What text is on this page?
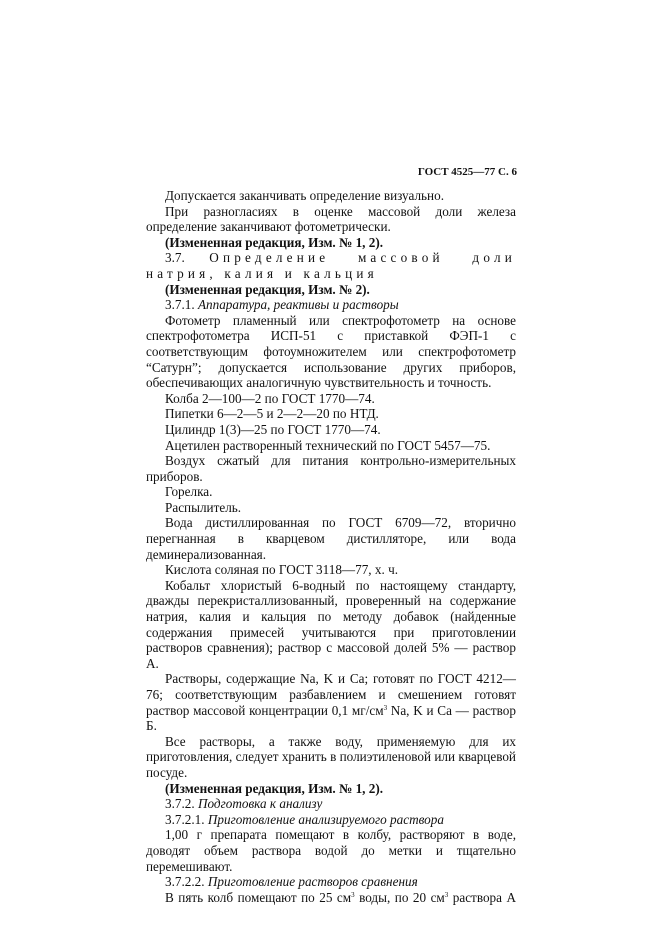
ГОСТ 4525—77 С. 6

Допускается заканчивать определение визуально.

При разногласиях в оценке массовой доли железа определение заканчивают фотометрически.

(Измененная редакция, Изм. № 1, 2).

3.7. Определение массовой доли натрия, калия и кальция

(Измененная редакция, Изм. № 2).

3.7.1. Аппаратура, реактивы и растворы

Фотометр пламенный или спектрофотометр на основе спектрофотометра ИСП-51 с приставкой ФЭП-1 с соответствующим фотоумножителем или спектрофотометр “Сатурн”; допускается использование других приборов, обеспечивающих аналогичную чувствительность и точность.

Колба 2—100—2 по ГОСТ 1770—74.

Пипетки 6—2—5 и 2—2—20 по НТД.

Цилиндр 1(3)—25 по ГОСТ 1770—74.

Ацетилен растворенный технический по ГОСТ 5457—75.

Воздух сжатый для питания контрольно-измерительных приборов.

Горелка.

Распылитель.

Вода дистиллированная по ГОСТ 6709—72, вторично перегнанная в кварцевом дистилляторе, или вода деминерализованная.

Кислота соляная по ГОСТ 3118—77, х. ч.

Кобальт хлористый 6-водный по настоящему стандарту, дважды перекристаллизованный, проверенный на содержание натрия, калия и кальция по методу добавок (найденные содержания примесей учитываются при приготовлении растворов сравнения); раствор с массовой долей 5% — раствор А.

Растворы, содержащие Na, K и Ca; готовят по ГОСТ 4212—76; соответствующим разбавлением и смешением готовят раствор массовой концентрации 0,1 $мг/см^3$ Na, K и Ca — раствор Б.

Все растворы, а также воду, применяемую для их приготовления, следует хранить в полиэтиленовой или кварцевой посуде.

(Измененная редакция, Изм. № 1, 2).

3.7.2. Подготовка к анализу

3.7.2.1. Приготовление анализируемого раствора

1,00 г препарата помещают в колбу, растворяют в воде, доводят объем раствора водой до метки и тщательно перемешивают.

3.7.2.2. Приготовление растворов сравнения

В пять колб помещают по 25 $см^3$ воды, по 20 $см^3$ раствора А
